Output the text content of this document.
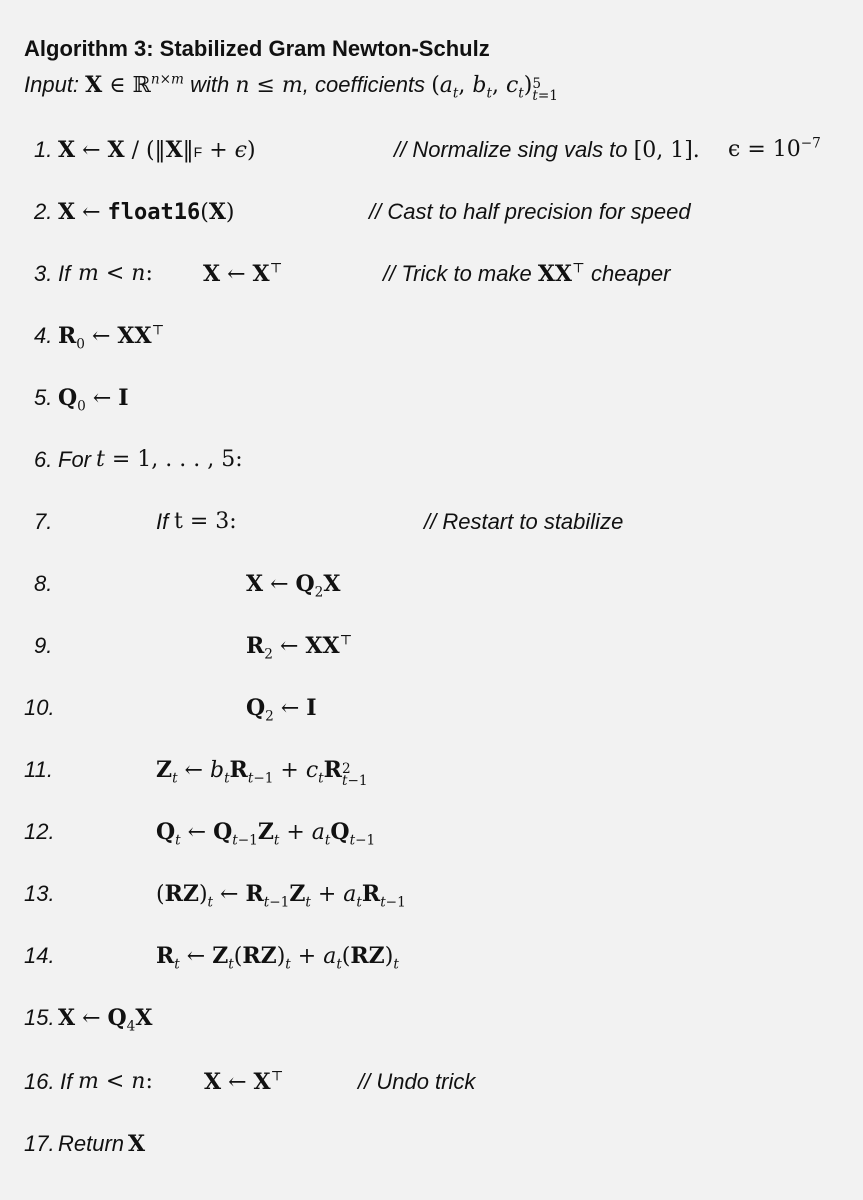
Algorithm 3: Stabilized Gram Newton-Schulz
Input: X ∈ ℝ$^{n\times m}$ with n ≤ m, coefficients ($a_t$, $b_t$, $c_t$) 5
t=1
1. X ← X / (‖X‖F + ϵ)	// Normalize sing vals to [0, 1]. $\epsilon = 10^{-7}$
2. X ← float16(X)	// Cast to half precision for speed
3. If m < n: X ← X⊤	// Trick to make XX⊤ cheaper
4. $R_0$ ← XX⊤
5. $Q_0$ ← I
6. For t = 1, . . . , 5:
7.	If t = 3:	// Restart to stabilize
8.	X ← $Q_2X$
9.	$R_2$ ← XX⊤
10.	$Q_2$ ← I
11.	$Z_t$ ← $b_tR_{t-1} + c_tR$ 2
t−1
12.	$Q_t$ ← $Q_{t-1}Z_t + a_tQ_{t-1}$
13.	$(RZ)_t$ ← $R_{t-1}Z_t + a_tR_{t-1}$
14.	$R_t$ ← $Z_t(RZ)_t + a_t(RZ)_t$
15. X ← $Q_4X$
16. If m < n: X ← X⊤	// Undo trick
17. Return X
